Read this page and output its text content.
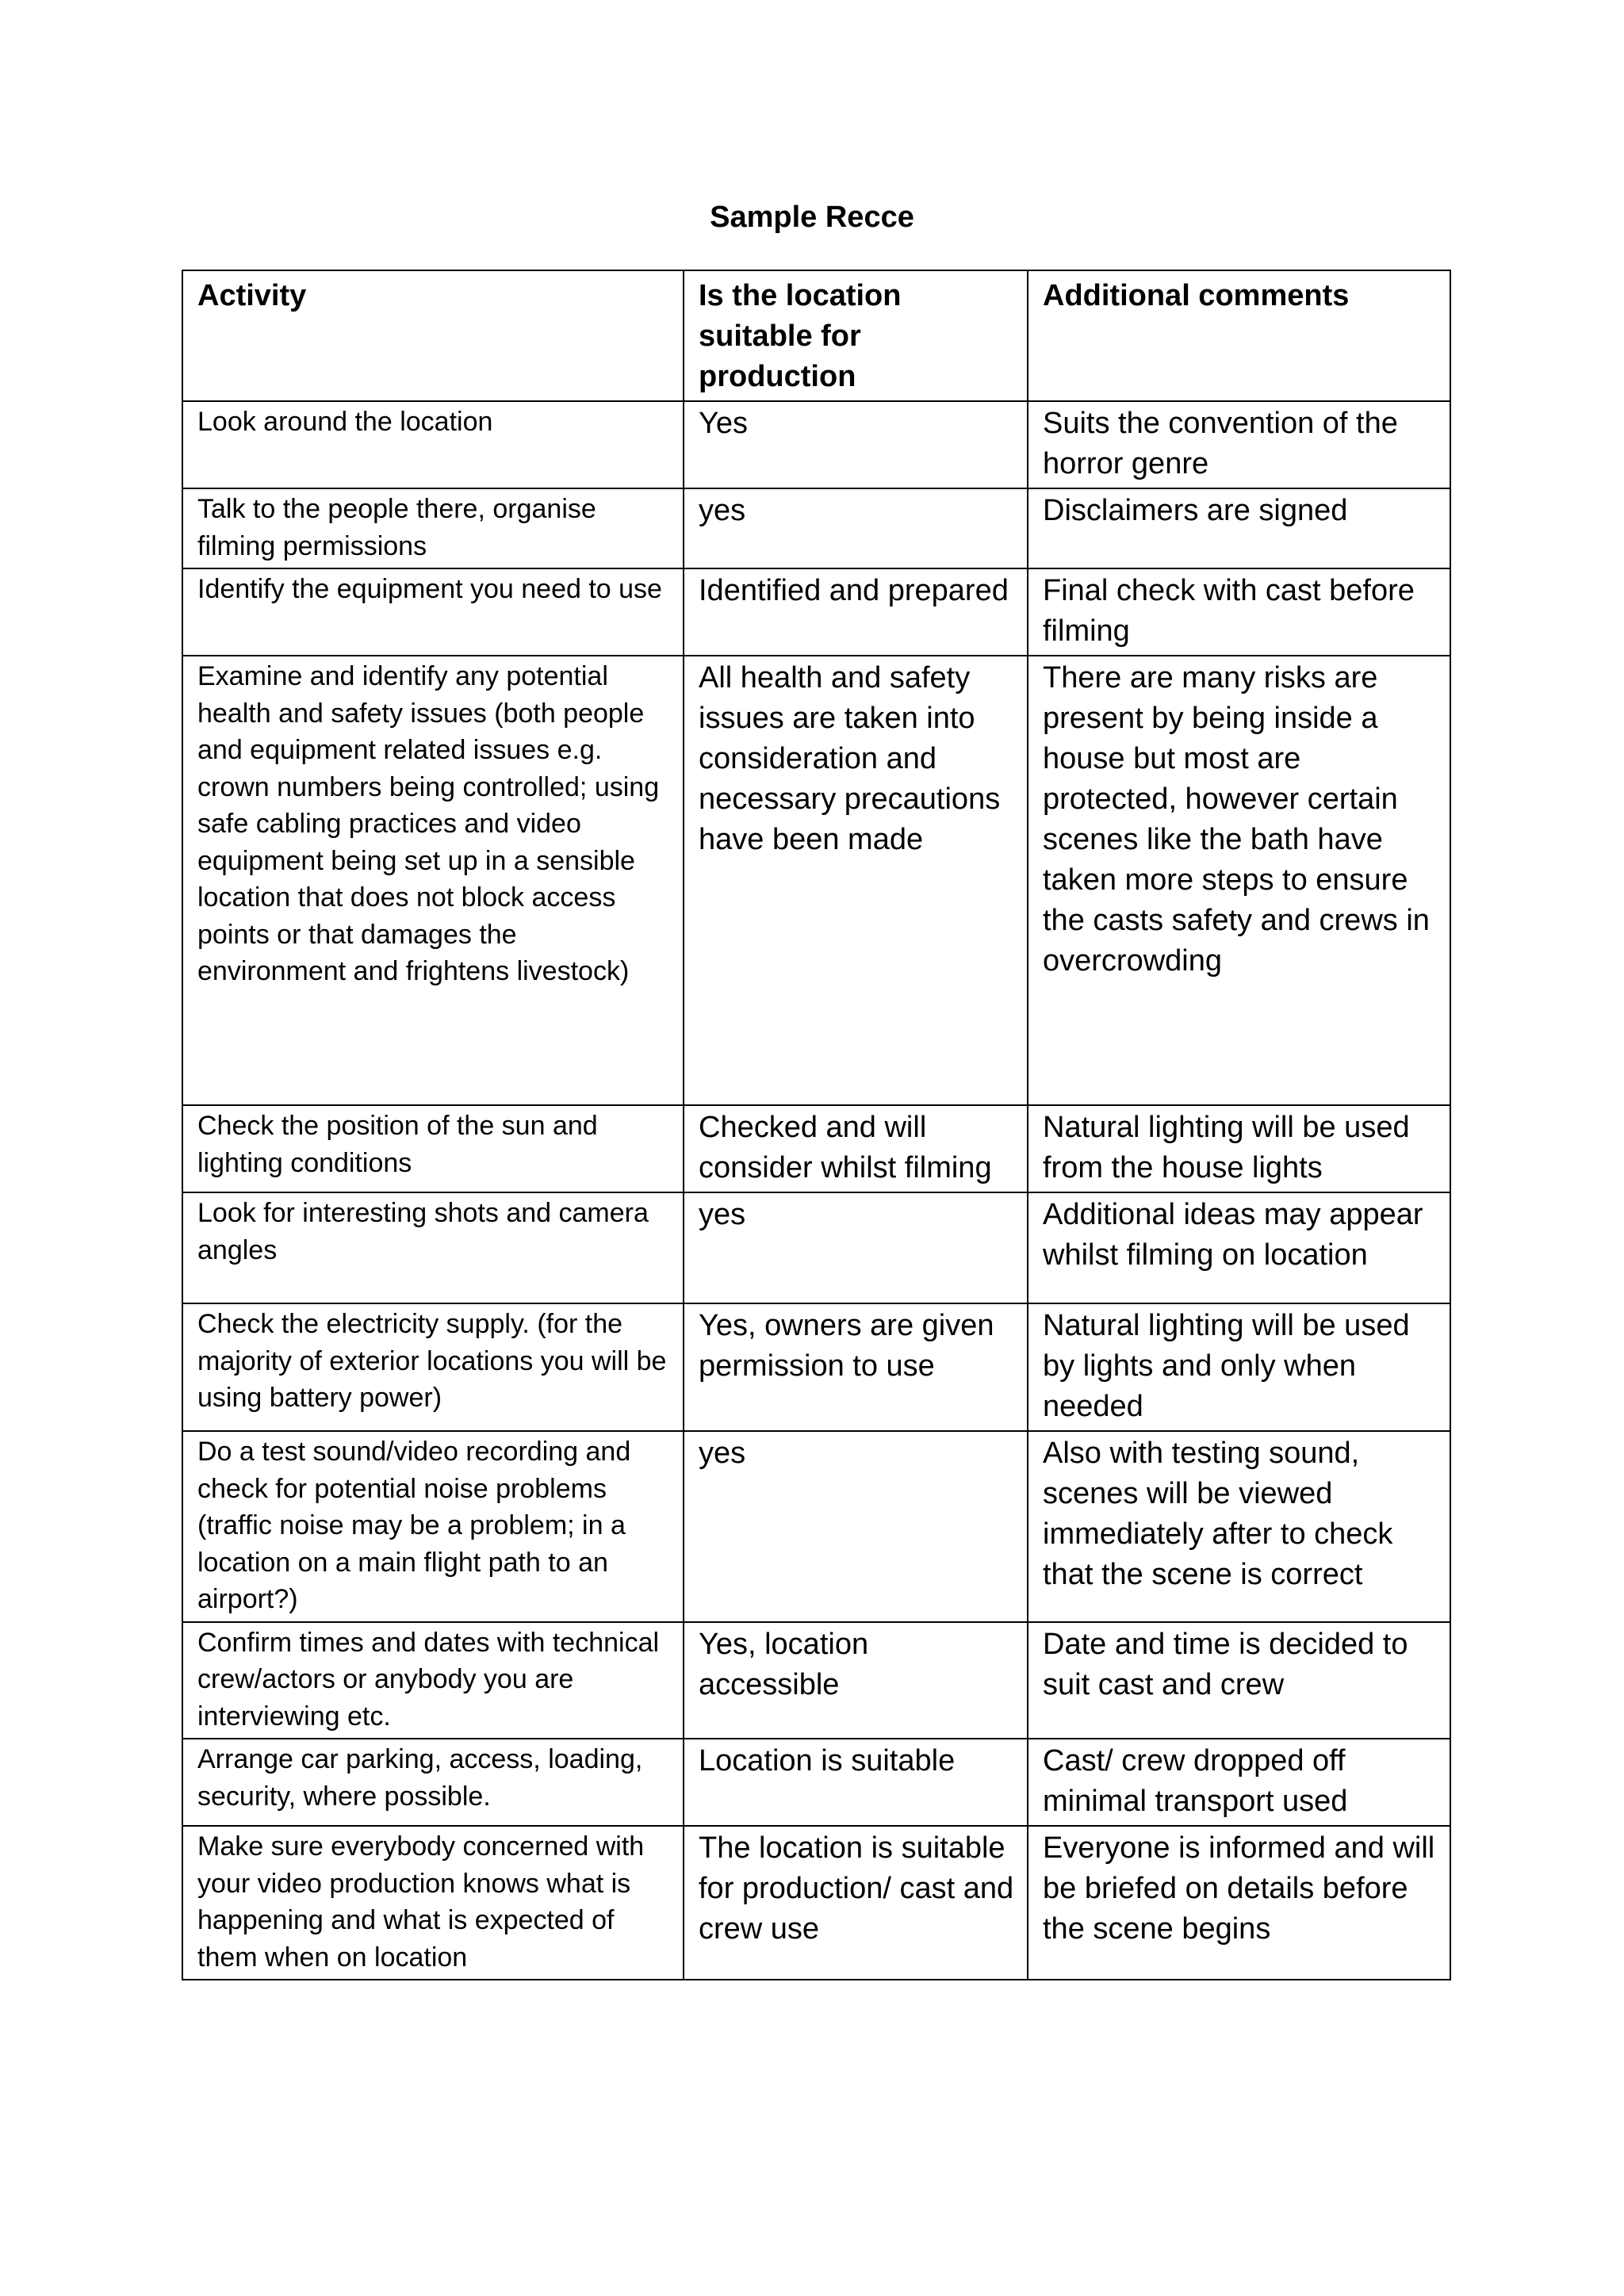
Sample Recce
Activity	Is the location suitable for production	Additional comments
Look around the location	Yes	Suits the convention of the horror genre
Talk to the people there, organise filming permissions	yes	Disclaimers are signed
Identify the equipment you need to use	Identified and prepared	Final check with cast before filming
Examine and identify any potential health and safety issues (both people and equipment related issues e.g. crown numbers being controlled; using safe cabling practices and video equipment being set up in a sensible location that does not block access points or that damages the environment and frightens livestock)	All health and safety issues are taken into consideration and necessary precautions have been made	There are many risks are present by being inside a house but most are protected, however certain scenes like the bath have taken more steps to ensure the casts safety and crews in overcrowding
Check the position of the sun and lighting conditions	Checked and will consider whilst filming	Natural lighting will be used from the house lights
Look for interesting shots and camera angles	yes	Additional ideas may appear whilst filming on location
Check the electricity supply. (for the majority of exterior locations you will be using battery power)	Yes, owners are given permission to use	Natural lighting will be used by lights and only when needed
Do a test sound/video recording and check for potential noise problems (traffic noise may be a problem; in a location on a main flight path to an airport?)	yes	Also with testing sound, scenes will be viewed immediately after to check that the scene is correct
Confirm times and dates with technical crew/actors or anybody you are interviewing etc.	Yes, location accessible	Date and time is decided to suit cast and crew
Arrange car parking, access, loading, security, where possible.	Location is suitable	Cast/ crew dropped off minimal transport used
Make sure everybody concerned with your video production knows what is happening and what is expected of them when on location	The location is suitable for production/ cast and crew use	Everyone is informed and will be briefed on details before the scene begins
